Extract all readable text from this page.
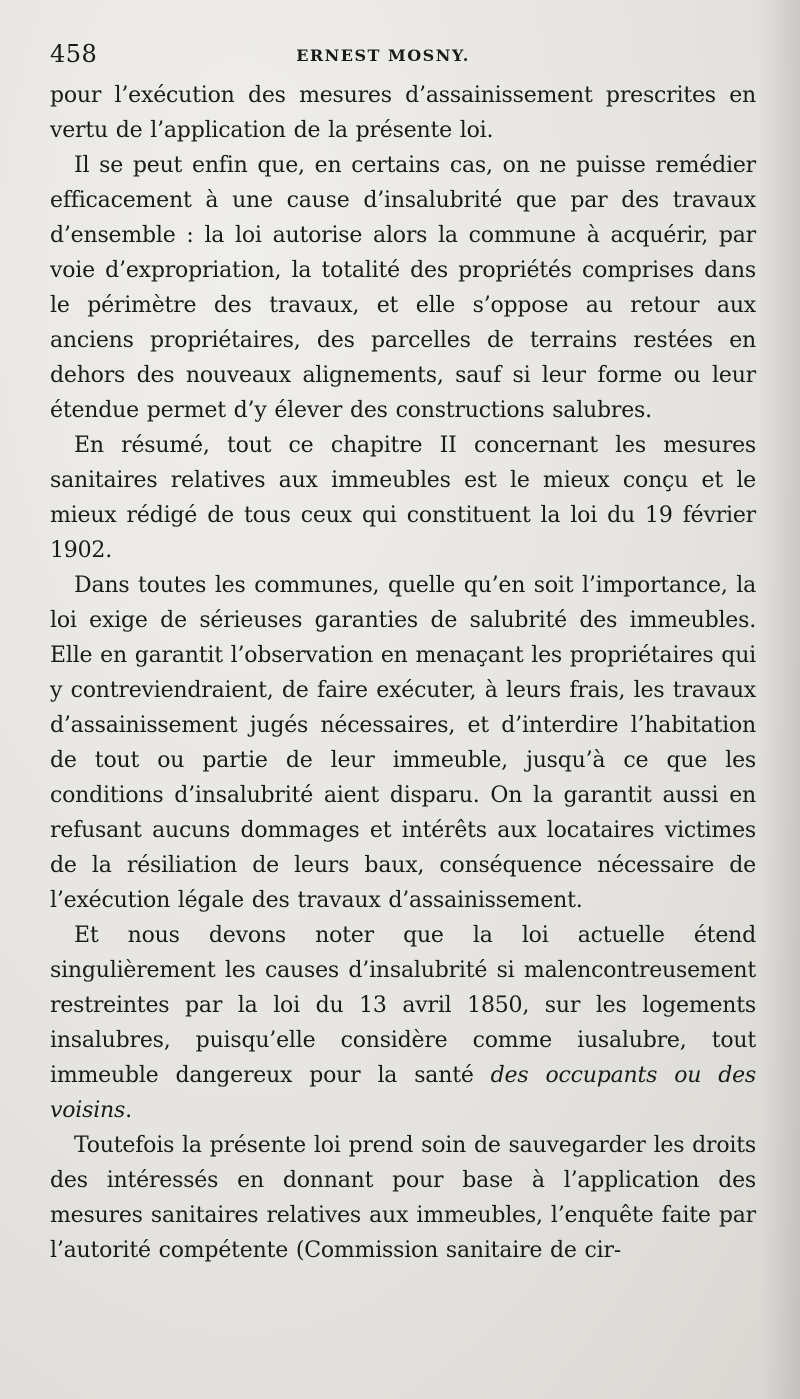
458	ERNEST MOSNY.

pour l’exécution des mesures d’assainissement prescrites en vertu de l’application de la présente loi.

Il se peut enfin que, en certains cas, on ne puisse remédier efficacement à une cause d’insalubrité que par des travaux d’ensemble : la loi autorise alors la commune à acquérir, par voie d’expropriation, la totalité des propriétés comprises dans le périmètre des travaux, et elle s’oppose au retour aux anciens propriétaires, des parcelles de terrains restées en dehors des nouveaux alignements, sauf si leur forme ou leur étendue permet d’y élever des constructions salubres.

En résumé, tout ce chapitre II concernant les mesures sanitaires relatives aux immeubles est le mieux conçu et le mieux rédigé de tous ceux qui constituent la loi du 19 février 1902.

Dans toutes les communes, quelle qu’en soit l’importance, la loi exige de sérieuses garanties de salubrité des immeubles. Elle en garantit l’observation en menaçant les propriétaires qui y contreviendraient, de faire exécuter, à leurs frais, les travaux d’assainissement jugés nécessaires, et d’interdire l’habitation de tout ou partie de leur immeuble, jusqu’à ce que les conditions d’insalubrité aient disparu. On la garantit aussi en refusant aucuns dommages et intérêts aux locataires victimes de la résiliation de leurs baux, conséquence nécessaire de l’exécution légale des travaux d’assainissement.

Et nous devons noter que la loi actuelle étend singulièrement les causes d’insalubrité si malencontreusement restreintes par la loi du 13 avril 1850, sur les logements insalubres, puisqu’elle considère comme iusalubre, tout immeuble dangereux pour la santé des occupants ou des voisins.

Toutefois la présente loi prend soin de sauvegarder les droits des intéressés en donnant pour base à l’application des mesures sanitaires relatives aux immeubles, l’enquête faite par l’autorité compétente (Commission sanitaire de cir-
